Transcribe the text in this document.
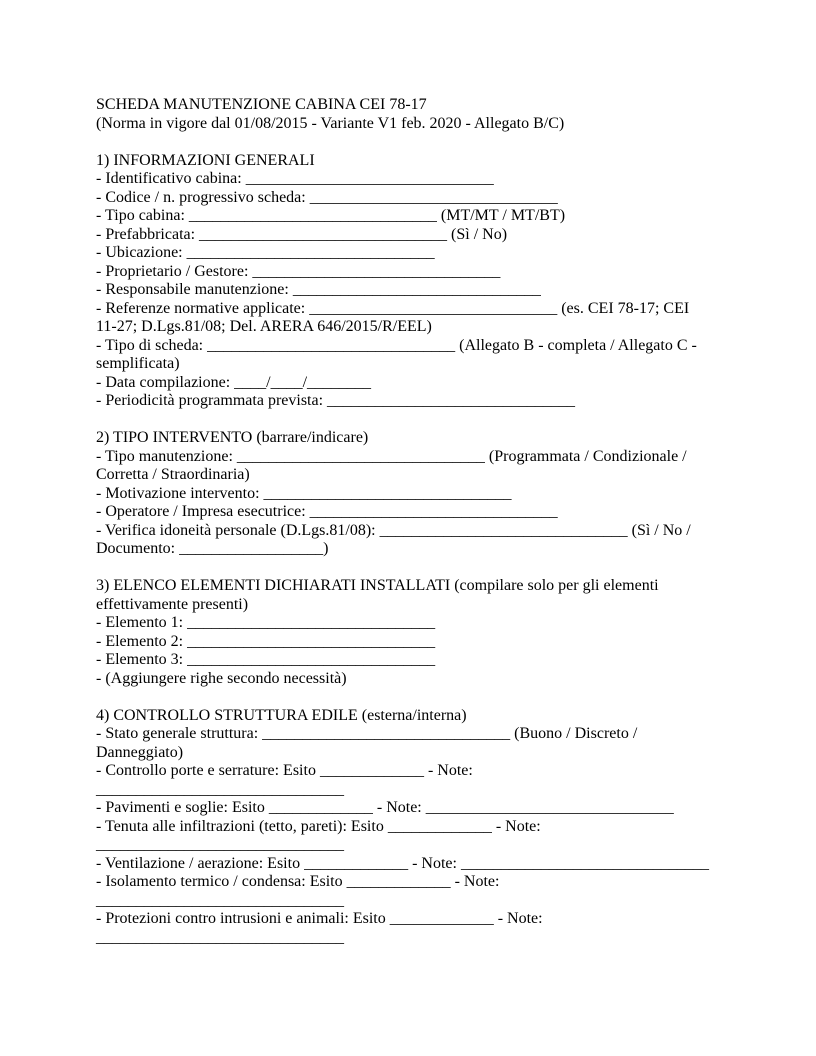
SCHEDA MANUTENZIONE CABINA CEI 78-17
(Norma in vigore dal 01/08/2015 - Variante V1 feb. 2020 - Allegato B/C)
1) INFORMAZIONI GENERALI
- Identificativo cabina: _______________________________
- Codice / n. progressivo scheda: _______________________________
- Tipo cabina: _______________________________ (MT/MT / MT/BT)
- Prefabbricata: _______________________________ (Sì / No)
- Ubicazione: _______________________________
- Proprietario / Gestore: _______________________________
- Responsabile manutenzione: _______________________________
- Referenze normative applicate: _______________________________ (es. CEI 78-17; CEI
11-27; D.Lgs.81/08; Del. ARERA 646/2015/R/EEL)
- Tipo di scheda: _______________________________ (Allegato B - completa / Allegato C -
semplificata)
- Data compilazione: ____/____/________
- Periodicità programmata prevista: _______________________________
2) TIPO INTERVENTO (barrare/indicare)
- Tipo manutenzione: _______________________________ (Programmata / Condizionale /
Corretta / Straordinaria)
- Motivazione intervento: _______________________________
- Operatore / Impresa esecutrice: _______________________________
- Verifica idoneità personale (D.Lgs.81/08): _______________________________ (Sì / No /
Documento: __________________)
3) ELENCO ELEMENTI DICHIARATI INSTALLATI (compilare solo per gli elementi
effettivamente presenti)
- Elemento 1: _______________________________
- Elemento 2: _______________________________
- Elemento 3: _______________________________
- (Aggiungere righe secondo necessità)
4) CONTROLLO STRUTTURA EDILE (esterna/interna)
- Stato generale struttura: _______________________________ (Buono / Discreto /
Danneggiato)
- Controllo porte e serrature: Esito _____________ - Note:
_______________________________
- Pavimenti e soglie: Esito _____________ - Note: _______________________________
- Tenuta alle infiltrazioni (tetto, pareti): Esito _____________ - Note:
_______________________________
- Ventilazione / aerazione: Esito _____________ - Note: _______________________________
- Isolamento termico / condensa: Esito _____________ - Note:
_______________________________
- Protezioni contro intrusioni e animali: Esito _____________ - Note:
_______________________________
